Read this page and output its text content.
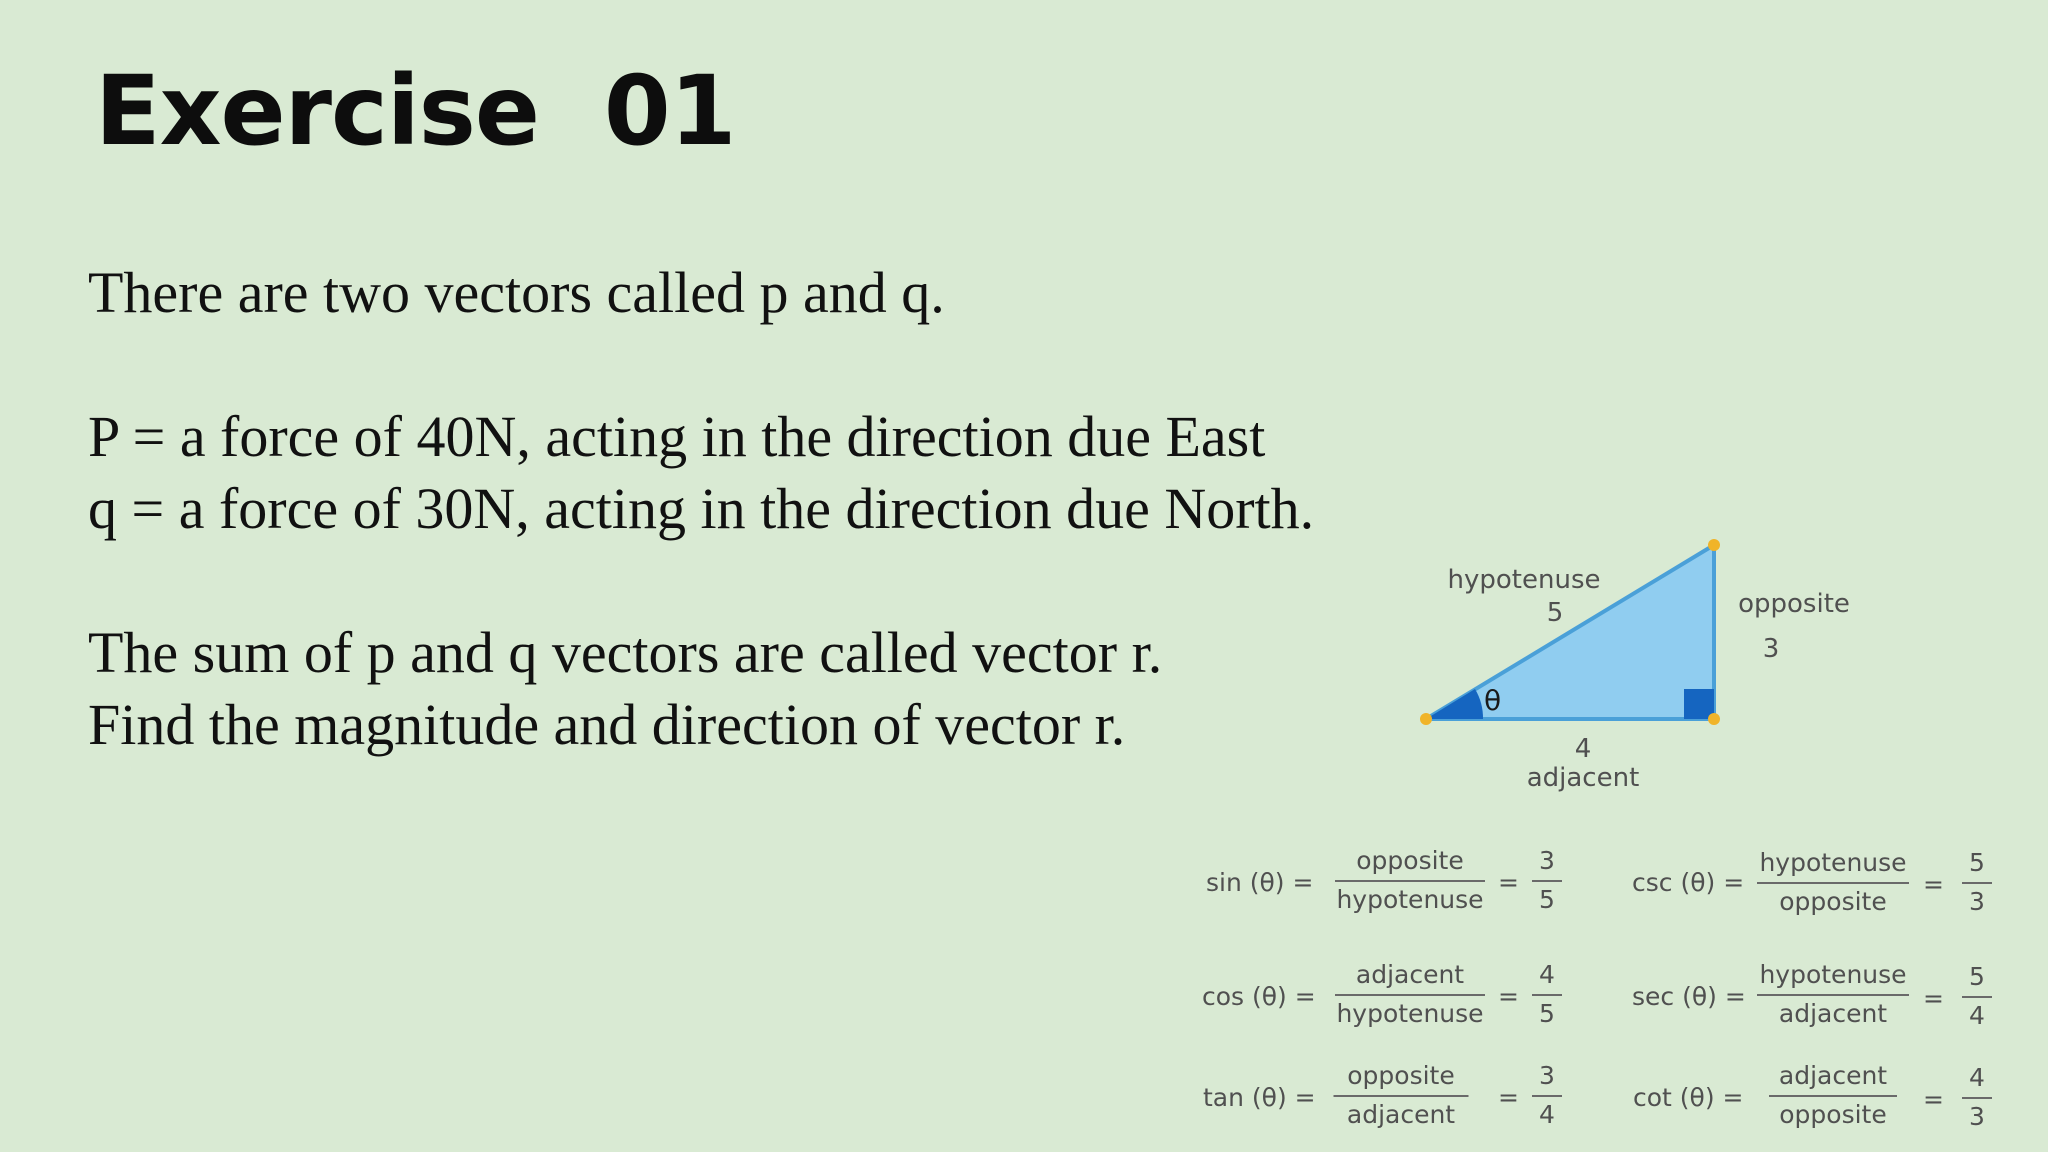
Exercise  01

There are two vectors called p and q.

P = a force of 40N, acting in the direction due East

q = a force of 30N, acting in the direction due North.

The sum of p and q vectors are called vector r.

Find the magnitude and direction of vector r.

hypotenuse
5	opposite
3
4
adjacent
θ
sin (θ) =
opposite
hypotenuse
=
3
5
csc (θ) =
hypotenuse
opposite
=
5
3
cos (θ) =
adjacent
hypotenuse
=
4
5
sec (θ) =
hypotenuse
adjacent
=
5
4
tan (θ) =
opposite
adjacent
=
3
4
cot (θ) =
adjacent
opposite
=
4
3
